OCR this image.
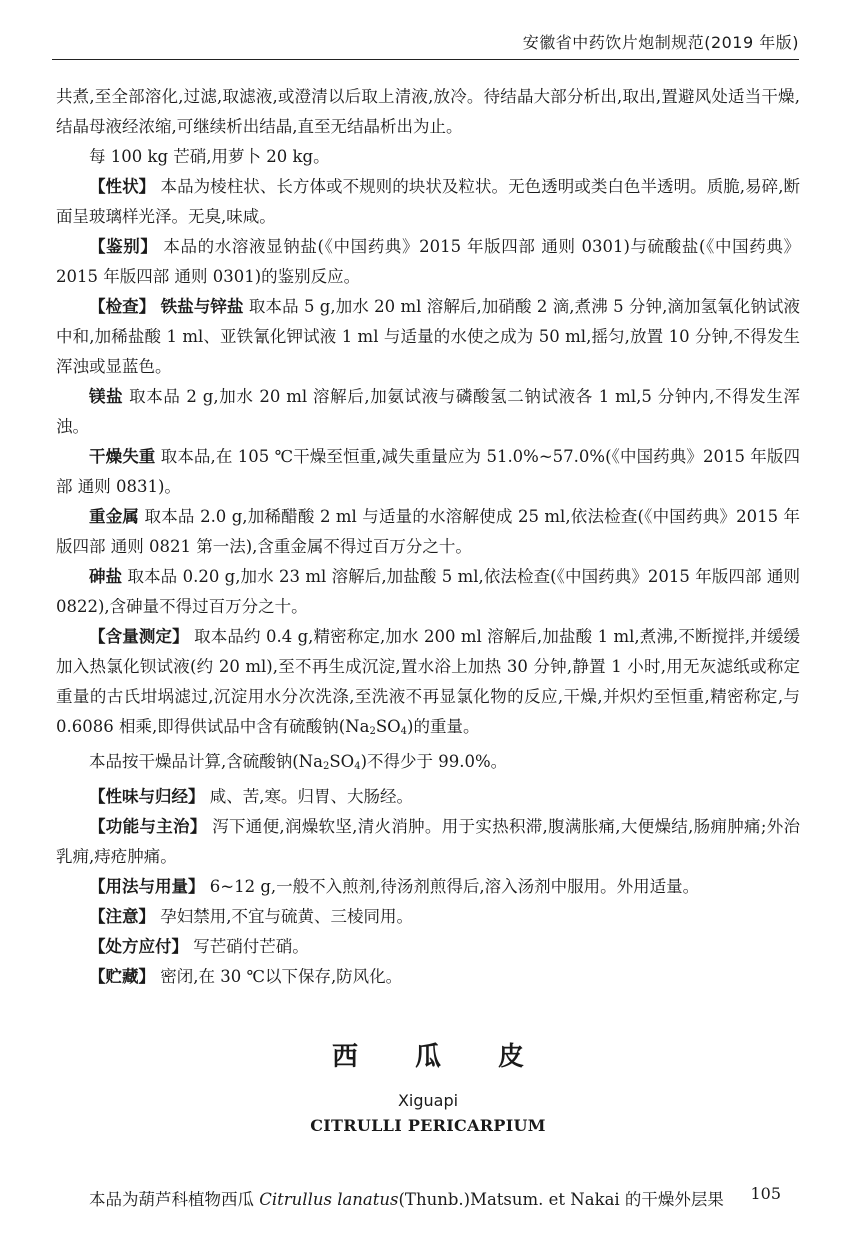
安徽省中药饮片炮制规范(2019 年版)

共煮,至全部溶化,过滤,取滤液,或澄清以后取上清液,放冷。待结晶大部分析出,取出,置避风处适当干燥,结晶母液经浓缩,可继续析出结晶,直至无结晶析出为止。

每 100 kg 芒硝,用萝卜 20 kg。

【性状】 本品为棱柱状、长方体或不规则的块状及粒状。无色透明或类白色半透明。质脆,易碎,断面呈玻璃样光泽。无臭,味咸。

【鉴别】 本品的水溶液显钠盐(《中国药典》2015 年版四部 通则 0301)与硫酸盐(《中国药典》2015 年版四部 通则 0301)的鉴别反应。

【检查】 铁盐与锌盐 取本品 5 g,加水 20 ml 溶解后,加硝酸 2 滴,煮沸 5 分钟,滴加氢氧化钠试液中和,加稀盐酸 1 ml、亚铁氰化钾试液 1 ml 与适量的水使之成为 50 ml,摇匀,放置 10 分钟,不得发生浑浊或显蓝色。

镁盐 取本品 2 g,加水 20 ml 溶解后,加氨试液与磷酸氢二钠试液各 1 ml,5 分钟内,不得发生浑浊。

干燥失重 取本品,在 105 ℃干燥至恒重,减失重量应为 51.0%~57.0%(《中国药典》2015 年版四部 通则 0831)。

重金属 取本品 2.0 g,加稀醋酸 2 ml 与适量的水溶解使成 25 ml,依法检查(《中国药典》2015 年版四部 通则 0821 第一法),含重金属不得过百万分之十。

砷盐 取本品 0.20 g,加水 23 ml 溶解后,加盐酸 5 ml,依法检查(《中国药典》2015 年版四部 通则 0822),含砷量不得过百万分之十。

【含量测定】 取本品约 0.4 g,精密称定,加水 200 ml 溶解后,加盐酸 1 ml,煮沸,不断搅拌,并缓缓加入热氯化钡试液(约 20 ml),至不再生成沉淀,置水浴上加热 30 分钟,静置 1 小时,用无灰滤纸或称定重量的古氏坩埚滤过,沉淀用水分次洗涤,至洗液不再显氯化物的反应,干燥,并炽灼至恒重,精密称定,与 0.6086 相乘,即得供试品中含有硫酸钠$(Na_2SO_4)$的重量。

本品按干燥品计算,含硫酸钠$(Na_2SO_4)$不得少于 99.0%。

【性味与归经】 咸、苦,寒。归胃、大肠经。

【功能与主治】 泻下通便,润燥软坚,清火消肿。用于实热积滞,腹满胀痛,大便燥结,肠痈肿痛;外治乳痈,痔疮肿痛。

【用法与用量】 6~12 g,一般不入煎剂,待汤剂煎得后,溶入汤剂中服用。外用适量。

【注意】 孕妇禁用,不宜与硫黄、三棱同用。

【处方应付】 写芒硝付芒硝。

【贮藏】 密闭,在 30 ℃以下保存,防风化。

西 瓜 皮
Xiguapi
CITRULLI PERICARPIUM

本品为葫芦科植物西瓜 Citrullus lanatus(Thunb.)Matsum. et Nakai 的干燥外层果	105
